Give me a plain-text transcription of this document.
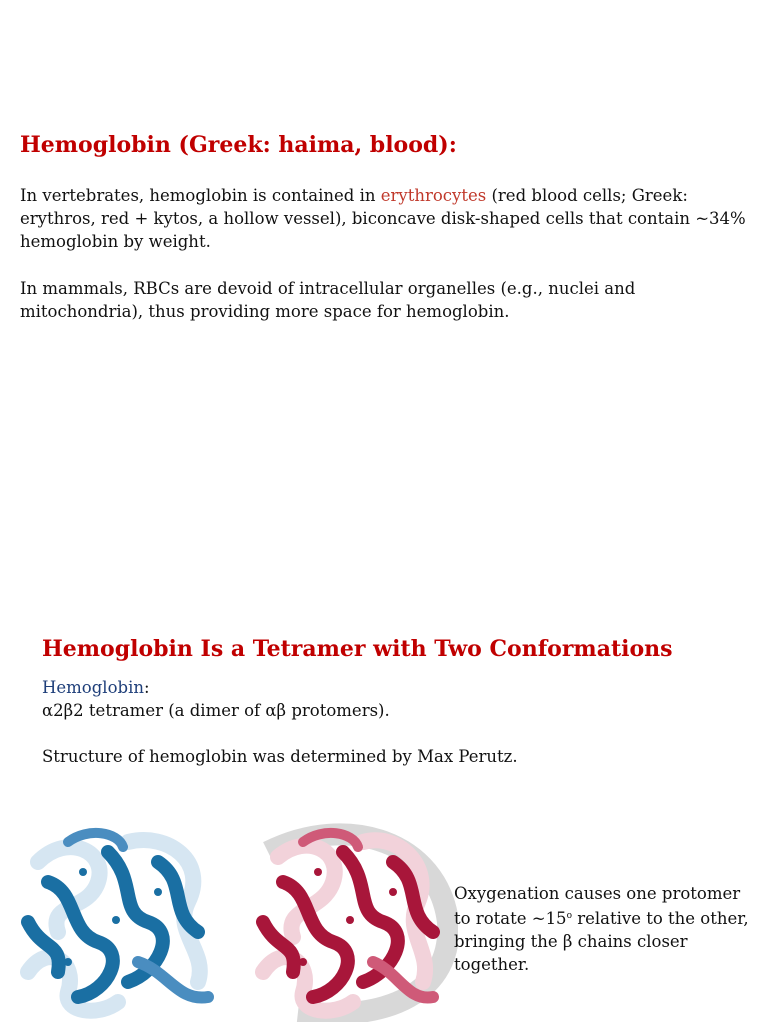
Hemoglobin (Greek: haima, blood):

In vertebrates, hemoglobin is contained in erythrocytes (red blood cells; Greek: erythros, red + kytos, a hollow vessel), biconcave disk-shaped cells that contain ~34% hemoglobin by weight.

In mammals, RBCs are devoid of intracellular organelles (e.g., nuclei and mitochondria), thus providing more space for hemoglobin.

Hemoglobin Is a Tetramer with Two Conformations

Hemoglobin:
α2β2 tetramer (a dimer of αβ protomers).

Structure of hemoglobin was determined by Max Perutz.

Oxygenation causes one protomer to rotate ~15$^o$ relative to the other, bringing the β chains closer together.
